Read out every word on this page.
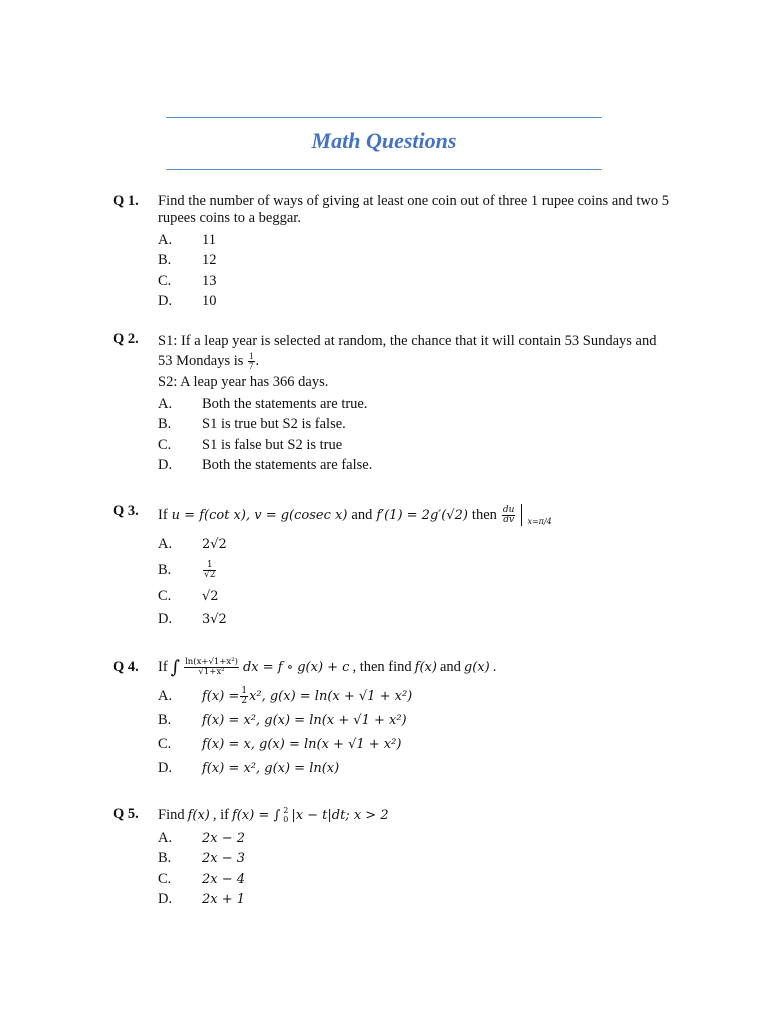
Math Questions
Q 1. Find the number of ways of giving at least one coin out of three 1 rupee coins and two 5 rupees coins to a beggar.
A.	11
B.	12
C.	13
D.	10
Q 2. S1: If a leap year is selected at random, the chance that it will contain 53 Sundays and 53 Mondays is $\frac{1}{7}$ .
S2: A leap year has 366 days.
A.	Both the statements are true.
B.	S1 is true but S2 is false.
C.	S1 is false but S2 is true
D.	Both the statements are false.
Q 3. If u = f(cot x), v = g(cosec x) and f′(1) = 2g′(√2) then $\frac{du}{dv} x=\pi/4$
A.	2√2
B.	$\frac{1}{√2}$
C.	√2
D.	3√2
Q 4. If ∫ $\frac{\text{ln(x+√1+x²)}}{\text{√1+x²}}$ dx = f ∘ g(x) + c , then find f(x) and g(x) .
A.	$f(x) = \frac{1}{2} x^2$, g(x) = ln(x + √1 + x²)
B.	f(x) = x², g(x) = ln(x + √1 + x²)
C.	f(x) = x, g(x) = ln(x + √1 + x²)
D.	f(x) = x², g(x) = ln(x)
Q 5. Find f(x) , if f(x) = ∫ 2
0 |x − t|dt; x > 2
A.	2x − 2
B.	2x − 3
C.	2x − 4
D.	2x + 1
